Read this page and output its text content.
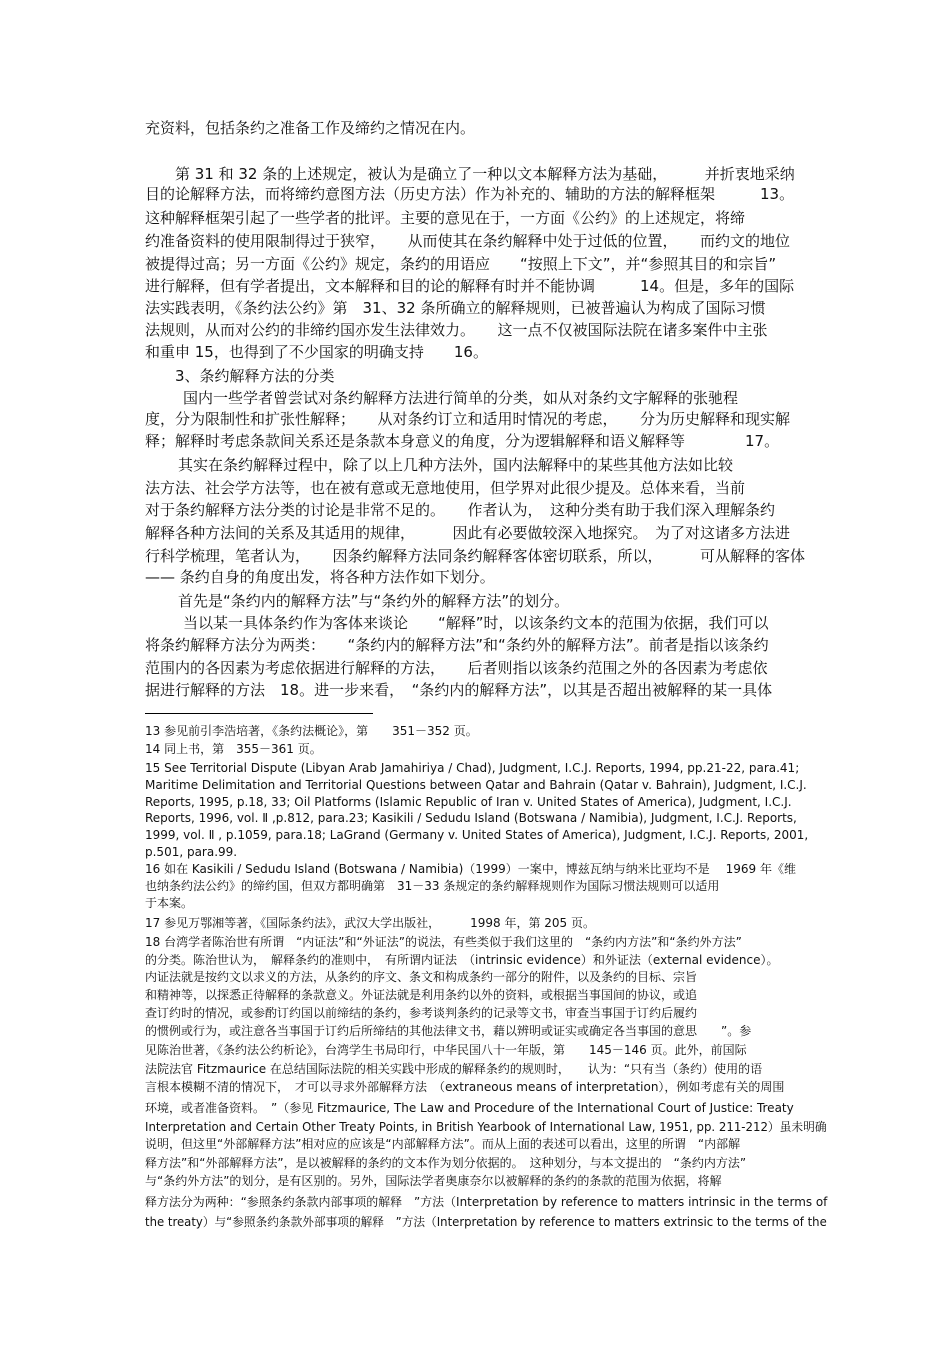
充资料，包括条约之准备工作及缔约之情况在内。
第 31 和 32 条的上述规定，被认为是确立了一种以文本解释方法为基础，　　　并折衷地采纳
目的论解释方法，而将缔约意图方法（历史方法）作为补充的、辅助的方法的解释框架　　　13。
这种解释框架引起了一些学者的批评。主要的意见在于，一方面《公约》的上述规定，将缔
约准备资料的使用限制得过于狭窄，　　从而使其在条约解释中处于过低的位置，　　而约文的地位
被提得过高；另一方面《公约》规定，条约的用语应　　“按照上下文”，并“参照其目的和宗旨”
进行解释，但有学者提出，文本解释和目的论的解释有时并不能协调　　　14。但是，多年的国际
法实践表明，《条约法公约》第　31、32 条所确立的解释规则，已被普遍认为构成了国际习惯
法规则，从而对公约的非缔约国亦发生法律效力。　　这一点不仅被国际法院在诸多案件中主张
和重申 15，也得到了不少国家的明确支持　　16。
3、条约解释方法的分类
国内一些学者曾尝试对条约解释方法进行简单的分类，如从对条约文字解释的张驰程
度，分为限制性和扩张性解释；　　从对条约订立和适用时情况的考虑，　　分为历史解释和现实解
释；解释时考虑条款间关系还是条款本身意义的角度，分为逻辑解释和语义解释等　　　　17。
其实在条约解释过程中，除了以上几种方法外，国内法解释中的某些其他方法如比较
法方法、社会学方法等，也在被有意或无意地使用，但学界对此很少提及。总体来看，当前
对于条约解释方法分类的讨论是非常不足的。　　作者认为，　这种分类有助于我们深入理解条约
解释各种方法间的关系及其适用的规律，　　　因此有必要做较深入地探究。　为了对这诸多方法进
行科学梳理，笔者认为，　　因条约解释方法同条约解释客体密切联系，所以，　　　可从解释的客体
—— 条约自身的角度出发，将各种方法作如下划分。
首先是“条约内的解释方法”与“条约外的解释方法”的划分。
当以某一具体条约作为客体来谈论　　“解释”时，以该条约文本的范围为依据，我们可以
将条约解释方法分为两类：　　“条约内的解释方法”和“条约外的解释方法”。前者是指以该条约
范围内的各因素为考虑依据进行解释的方法，　　后者则指以该条约范围之外的各因素为考虑依
据进行解释的方法　18。进一步来看，　“条约内的解释方法”，以其是否超出被解释的某一具体
13 参见前引李浩培著，《条约法概论》，第　　351－352 页。
14 同上书，第　355－361 页。
15 See Territorial Dispute (Libyan Arab Jamahiriya / Chad), Judgment, I.C.J. Reports, 1994, pp.21-22, para.41;
Maritime Delimitation and Territorial Questions between Qatar and Bahrain (Qatar v. Bahrain), Judgment, I.C.J.
Reports, 1995, p.18, 33; Oil Platforms (Islamic Republic of Iran v. United States of America), Judgment, I.C.J.
Reports, 1996, vol. Ⅱ ,p.812, para.23; Kasikili / Sedudu Island (Botswana / Namibia), Judgment, I.C.J. Reports,
1999, vol. Ⅱ , p.1059, para.18; LaGrand (Germany v. United States of America), Judgment, I.C.J. Reports, 2001,
p.501, para.99.
16 如在 Kasikili / Sedudu Island (Botswana / Namibia)（1999）一案中，博兹瓦纳与纳米比亚均不是　 1969 年《维
也纳条约法公约》的缔约国，但双方都明确第　31－33 条规定的条约解释规则作为国际习惯法规则可以适用
于本案。
17 参见万鄂湘等著，《国际条约法》，武汉大学出版社，　　　1998 年，第 205 页。
18 台湾学者陈治世有所谓　“内证法”和“外证法”的说法，有些类似于我们这里的　“条约内方法”和“条约外方法”
的分类。陈治世认为，　解释条约的准则中，　有所谓内证法　（intrinsic evidence）和外证法（external evidence）。
内证法就是按约文以求义的方法，从条约的序文、条文和构成条约一部分的附件，以及条约的目标、宗旨
和精神等，以探悉正待解释的条款意义。外证法就是利用条约以外的资料，或根据当事国间的协议，或追
查订约时的情况，或参酌订约国以前缔结的条约，参考谈判条约的记录等文书，审查当事国于订约后履约
的惯例或行为，或注意各当事国于订约后所缔结的其他法律文书，藉以辨明或证实或确定各当事国的意思　　”。参
见陈治世著，《条约法公约析论》，台湾学生书局印行，中华民国八十一年版，第　　145－146 页。此外，前国际
法院法官 Fitzmaurice 在总结国际法院的相关实践中形成的解释条约的规则时，　　认为：“只有当（条约）使用的语
言根本模糊不清的情况下，　才可以寻求外部解释方法　（extraneous means of interpretation），例如考虑有关的周围
环境，或者准备资料。　”（参见 Fitzmaurice, The Law and Procedure of the International Court of Justice: Treaty
Interpretation and Certain Other Treaty Points, in British Yearbook of International Law, 1951, pp. 211-212）虽未明确
说明，但这里“外部解释方法”相对应的应该是“内部解释方法”。而从上面的表述可以看出，这里的所谓　“内部解
释方法”和“外部解释方法”，是以被解释的条约的文本作为划分依据的。　这种划分，与本文提出的　“条约内方法”
与“条约外方法”的划分，是有区别的。另外，国际法学者奥康奈尔以被解释的条约的条款的范围为依据，将解
释方法分为两种：“参照条约条款内部事项的解释　”方法（Interpretation by reference to matters intrinsic in the terms of
the treaty）与“参照条约条款外部事项的解释　”方法（Interpretation by reference to matters extrinsic to the terms of the
